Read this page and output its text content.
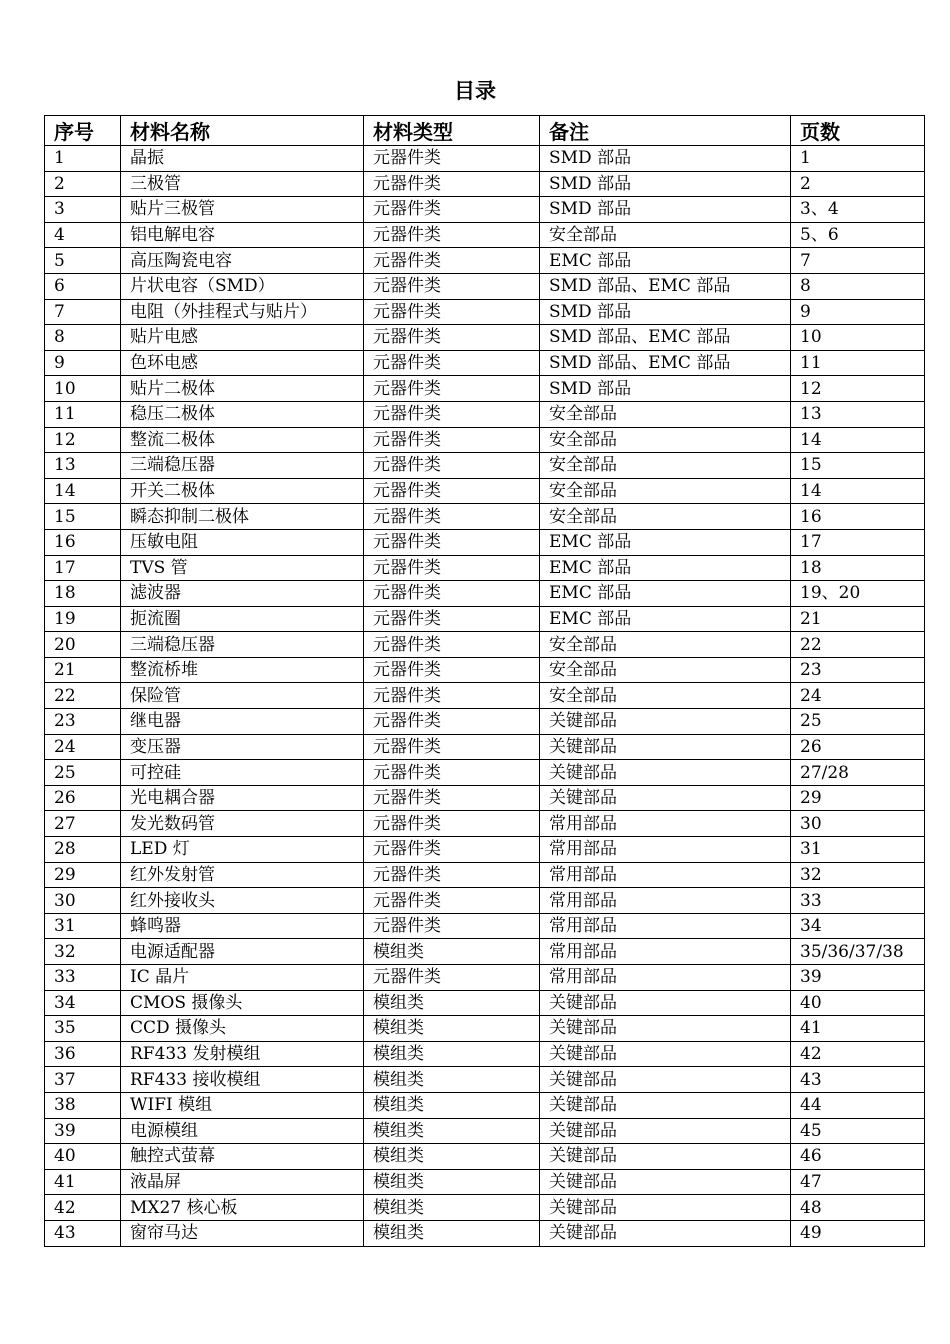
目录
序号	材料名称	材料类型	备注	页数
1	晶振	元器件类	SMD 部品	1
2	三极管	元器件类	SMD 部品	2
3	贴片三极管	元器件类	SMD 部品	3、4
4	铝电解电容	元器件类	安全部品	5、6
5	高压陶瓷电容	元器件类	EMC 部品	7
6	片状电容（SMD）	元器件类	SMD 部品、EMC 部品	8
7	电阻（外挂程式与贴片）	元器件类	SMD 部品	9
8	贴片电感	元器件类	SMD 部品、EMC 部品	10
9	色环电感	元器件类	SMD 部品、EMC 部品	11
10	贴片二极体	元器件类	SMD 部品	12
11	稳压二极体	元器件类	安全部品	13
12	整流二极体	元器件类	安全部品	14
13	三端稳压器	元器件类	安全部品	15
14	开关二极体	元器件类	安全部品	14
15	瞬态抑制二极体	元器件类	安全部品	16
16	压敏电阻	元器件类	EMC 部品	17
17	TVS 管	元器件类	EMC 部品	18
18	滤波器	元器件类	EMC 部品	19、20
19	扼流圈	元器件类	EMC 部品	21
20	三端稳压器	元器件类	安全部品	22
21	整流桥堆	元器件类	安全部品	23
22	保险管	元器件类	安全部品	24
23	继电器	元器件类	关键部品	25
24	变压器	元器件类	关键部品	26
25	可控硅	元器件类	关键部品	27/28
26	光电耦合器	元器件类	关键部品	29
27	发光数码管	元器件类	常用部品	30
28	LED 灯	元器件类	常用部品	31
29	红外发射管	元器件类	常用部品	32
30	红外接收头	元器件类	常用部品	33
31	蜂鸣器	元器件类	常用部品	34
32	电源适配器	模组类	常用部品	35/36/37/38
33	IC 晶片	元器件类	常用部品	39
34	CMOS 摄像头	模组类	关键部品	40
35	CCD 摄像头	模组类	关键部品	41
36	RF433 发射模组	模组类	关键部品	42
37	RF433 接收模组	模组类	关键部品	43
38	WIFI 模组	模组类	关键部品	44
39	电源模组	模组类	关键部品	45
40	触控式萤幕	模组类	关键部品	46
41	液晶屏	模组类	关键部品	47
42	MX27 核心板	模组类	关键部品	48
43	窗帘马达	模组类	关键部品	49
